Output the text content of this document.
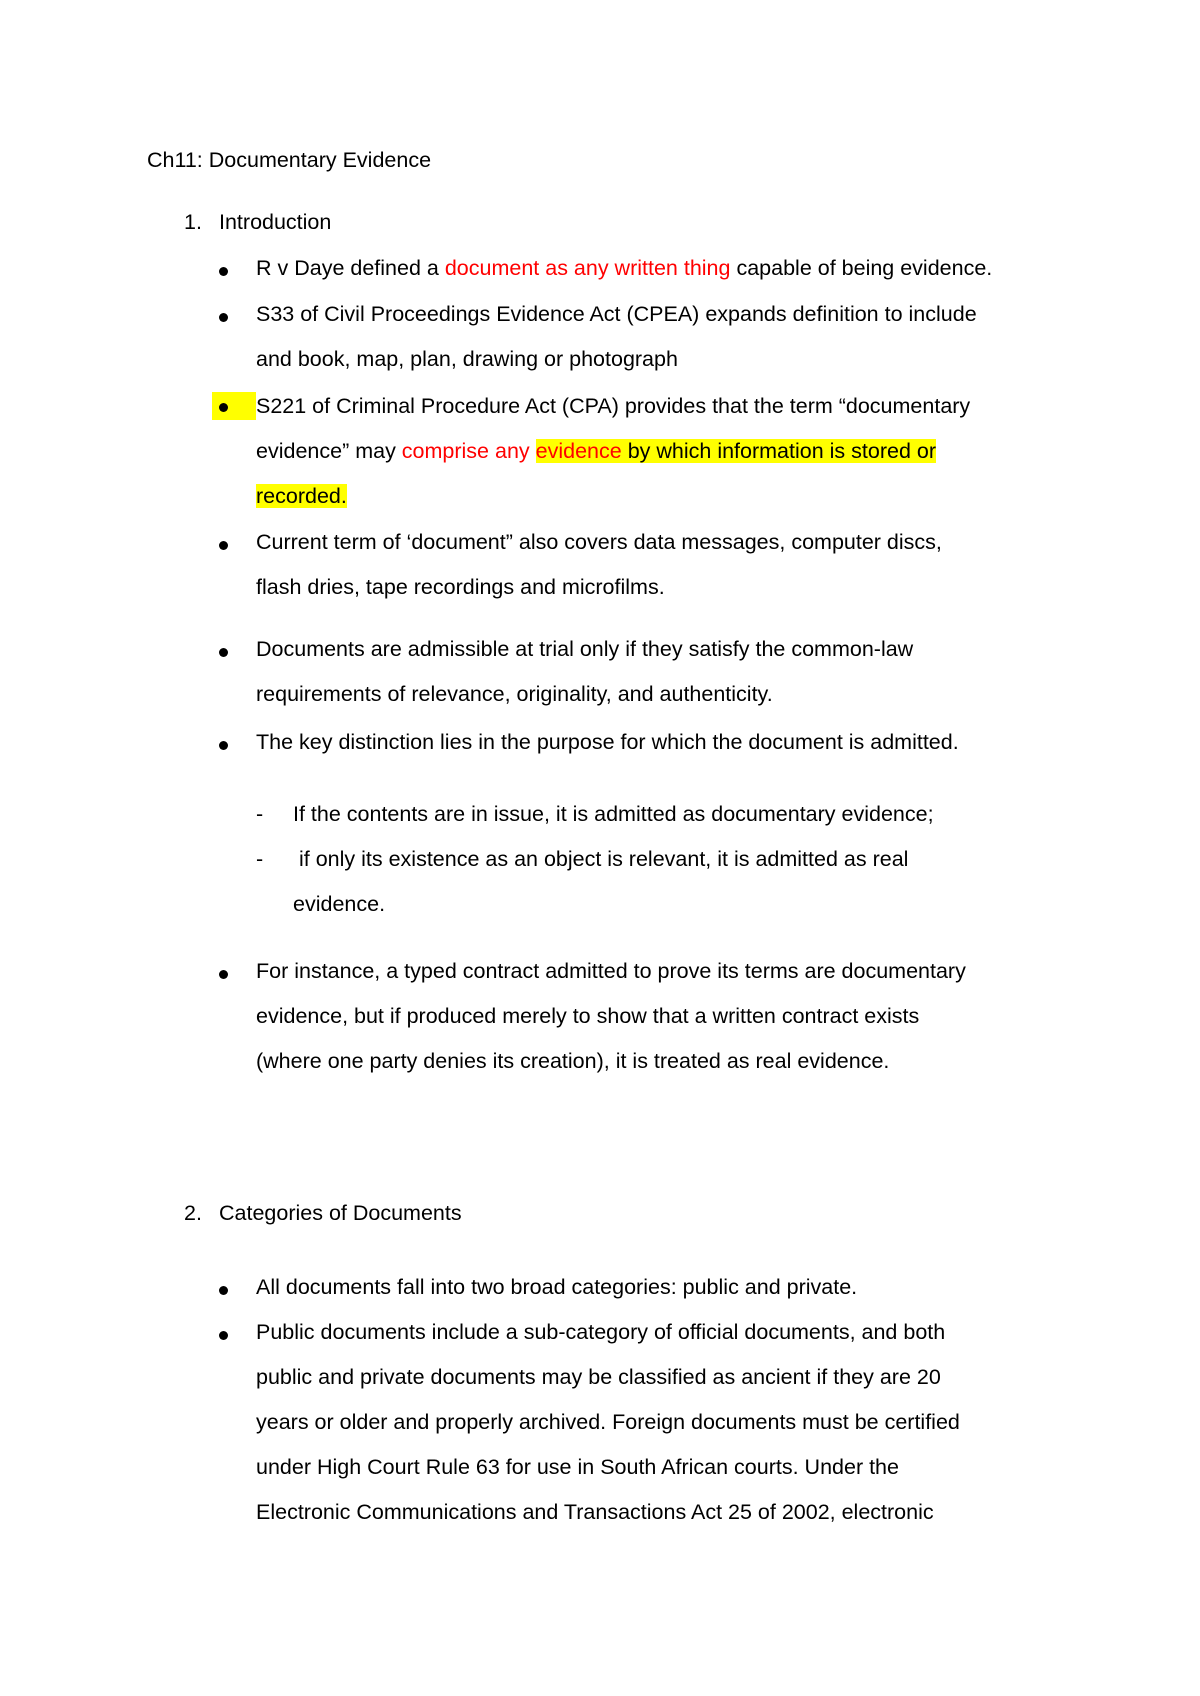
Ch11: Documentary Evidence
1. Introduction
R v Daye defined a document as any written thing capable of being evidence.
S33 of Civil Proceedings Evidence Act (CPEA) expands definition to include
and book, map, plan, drawing or photograph
S221 of Criminal Procedure Act (CPA) provides that the term “documentary
evidence” may comprise any evidence by which information is stored or
recorded.
Current term of ‘document” also covers data messages, computer discs,
flash dries, tape recordings and microfilms.
Documents are admissible at trial only if they satisfy the common-law
requirements of relevance, originality, and authenticity.
The key distinction lies in the purpose for which the document is admitted.
- If the contents are in issue, it is admitted as documentary evidence;
- if only its existence as an object is relevant, it is admitted as real
evidence.
For instance, a typed contract admitted to prove its terms are documentary
evidence, but if produced merely to show that a written contract exists
(where one party denies its creation), it is treated as real evidence.
2. Categories of Documents
All documents fall into two broad categories: public and private.
Public documents include a sub-category of official documents, and both
public and private documents may be classified as ancient if they are 20
years or older and properly archived. Foreign documents must be certified
under High Court Rule 63 for use in South African courts. Under the
Electronic Communications and Transactions Act 25 of 2002, electronic
